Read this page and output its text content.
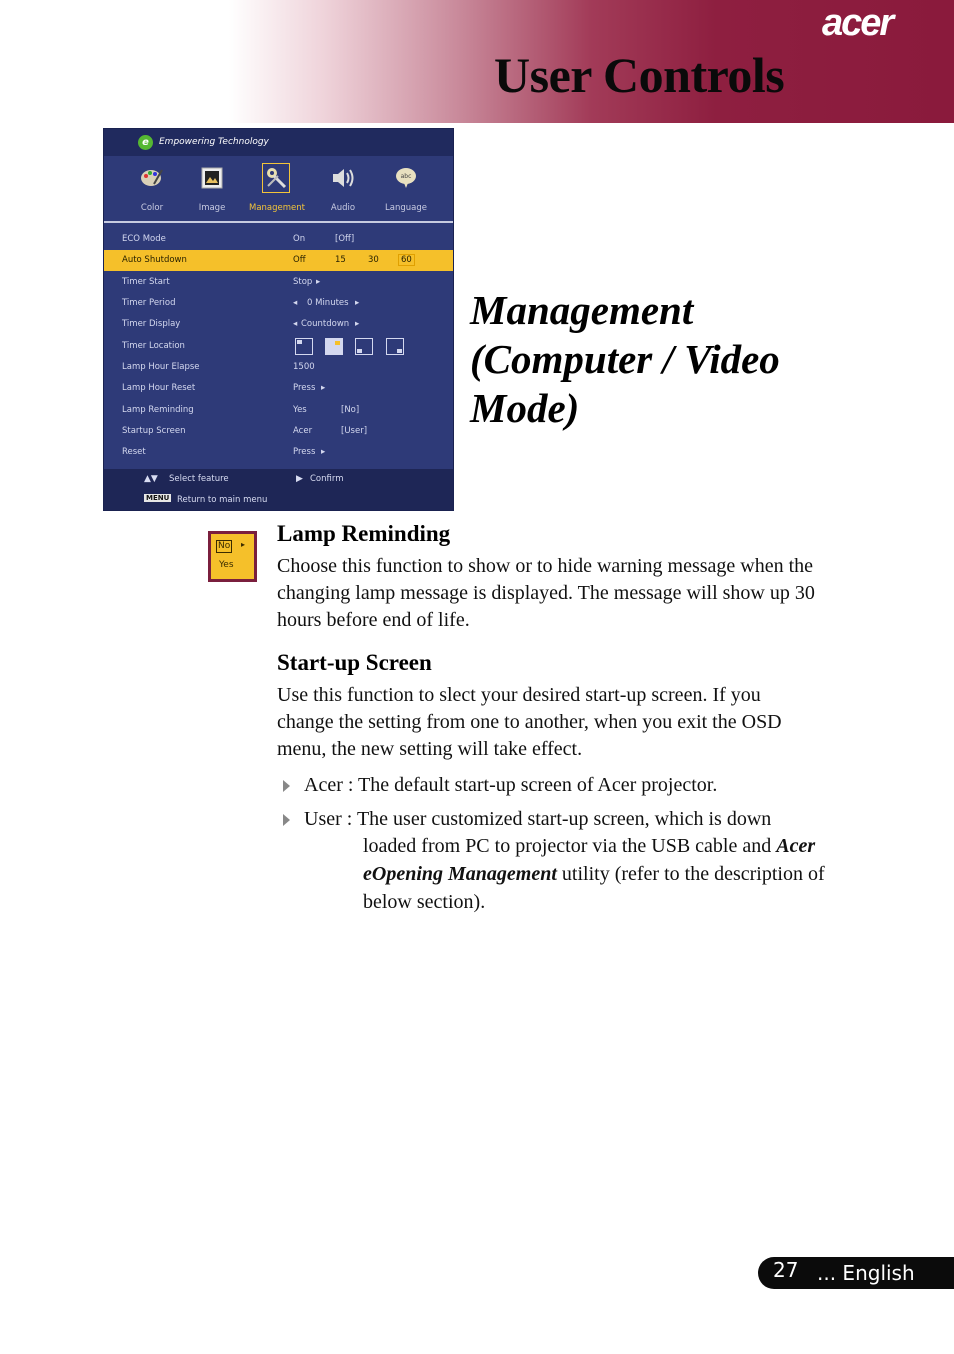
acer
User Controls
e	Empowering Technology
Color	Image	Management	Audio
abc
Language
ECO Mode	On	[Off]
Auto Shutdown	Off	15	30	60
Timer Start	Stop ▸
Timer Period	◂ 0 Minutes ▸
Timer Display	◂ Countdown ▸
Timer Location
Lamp Hour Elapse	1500
Lamp Hour Reset	Press ▸
Lamp Reminding	Yes	[No]
Startup Screen	Acer	[User]
Reset	Press ▸
▲▼ Select feature	▶ Confirm
MENU Return to main menu
Management
(Computer / Video
Mode)
No ▸
Yes
Lamp Reminding
Choose this function to show or to hide warning message when the
changing lamp message is displayed. The message will show up 30
hours before end of life.
Start-up Screen
Use this function to slect your desired start-up screen. If you
change the setting from one to another, when you exit the OSD
menu, the new setting will take effect.
Acer : The default start-up screen of Acer projector.
User : The user customized start-up screen, which is down
loaded from PC to projector via the USB cable and Acer
eOpening Management utility (refer to the description of
below section).
27 ... English
